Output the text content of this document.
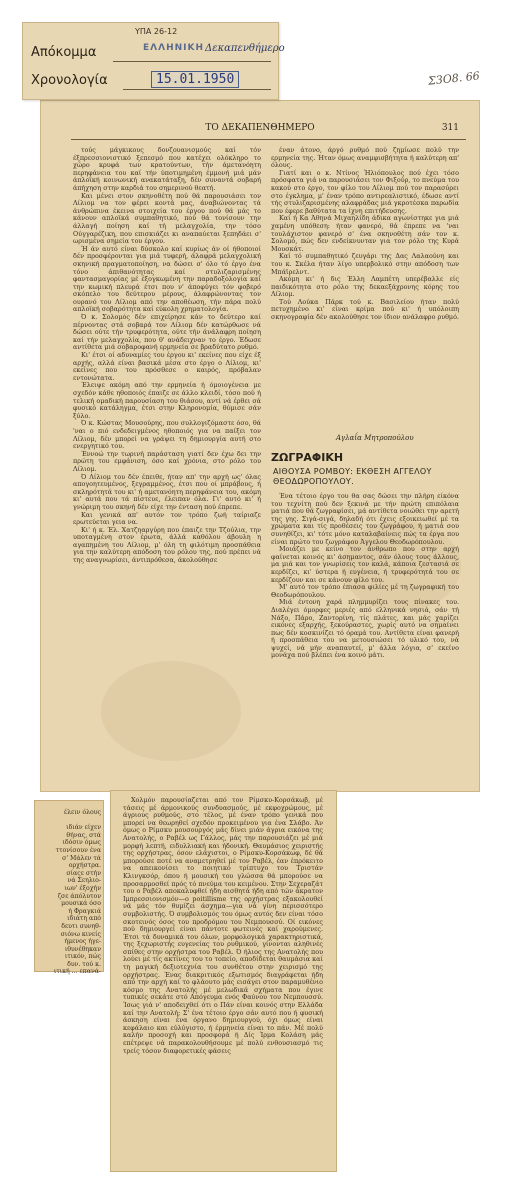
ΤΟ ΔΕΚΑΠΕΝΘΗΜΕΡΟ	311

τούς μάγκικους δονζουανισμούς καί τόν έξπρεσσιονιστικό ξεπεσμό που κατέχει ολόκληρο το χώρο κρυφά των κρατούντων, τήν άμετανόητη περηφάνεια του καί τήν ύποτιμημένη έμμονή μιά μάν άπλοϊκή κοινωνική ανακατάταξη, δέν συναντά σοβαρή άπήχηση στην καρδιά του σημερινού θεατή.

Και μένει στον σκηνοθέτη πού θά παρουσιάσει τον Λίλιομ να τον φέρει κοντά μας, άναβιώνοντας τά άνθρώπινα έκεινα στοιχεία του έργου πού θά μάς το κάνουν απλοϊκά συμπαθητικό, πού θά τονίσουν την άλλαγή ποίηση καί τή μελαγχολία, την τόσο Ούγγαρέζικη, που επισκιάζει κι αναπαύεται ξεπηδάει σ' ωρισμένα σημεία του έργου.

Ή άν αυτό είναι δύσκολο καί κυρίως άν οί ήθοποιοί δέν προσφέρονται για μιά τυφερή, άλαφρά μελαγχολική σκηνική πραγματοποίηση, να δώσει σ' όλο τό έργο ένα τόνο άπιθανότητας καί στυλιζαρισμένης φαντασμαγορίας μέ έξογκωμένη την παραδοξολογία καί την κωμική πλευρά έτσι που ν' άποφύγει τόν φοβερό σκόπελο του δεύτερου μέρους, άλαφρώνοντας τον ουρανό του Λίλιομ από την αποθέωση, τήν πάρα πολύ απλοϊκή σοβαρότητα καί εύκολη χρηματολογία.

Ό κ. Σολομός δέν επιχείρησε κάν το δεύτερο καί πέρνοντας στά σοβαρά τον Λίλιομ δέν κατώρθωσε νά δώσει ούτε τήν τρυφερότητα, ούτε τήν άνάλαφρη ποίηση καί τήν μελαγχολία, που θ' ανάδειχναν το έργο. Έδωσε αντίθετα μιά σοβαροφανή ερμηνεία σε βραδύτατο ρυθμό.

Κι' έτσι οί αδυναμίες του έργου κι' εκείνες που είχε έξ αρχής, αλλά είναι βασικά μέσα στο έργο ο Λίλιομ, κι' εκείνες που του πρόσθεσε ο καιρός, πρόβαλαν εντονώτατα.

Έλειψε ακόμη από την ερμηνεία ή όμοιογένεια με σχεδόν κάθε ηθοποιός έπαιζε σε άλλο κλειδί, τόσο πού ή τελική ομαδική παρουσίαση του θιάσου, αντί νά έρθει σά φυσικό κατάληγμα, έτσι στην Κληρονομία, θύμισε σάν ξύλο.

Ό κ. Κώστας Μουσούρης, που συλλογιζόμαστε όσο, θά 'ναι ο πιό ενδεδειγμένος ηθοποιός για να παίξει τον Λίλιομ, δέν μπορεί να γράψει τη δημιουργία αυτή στο ενεργητικό του.

Έννοώ την τωρινή παράσταση γιατί δεν έχω δει την πρώτη του εμφάνιση, όσο καί χρόνια, στο ρόλο του Λίλιομ.

Ό Λίλιομ του δέν έπειθε, ήταν απ' την αρχή ως' όλας απογοητευμένος, ξεγραμμένος, έτσι που οί μπράβους, ή σκληρότητά του κι' ή αμετανόητη περηφάνεια του, ακόμη κι' αυτά που τά πίστευε, έλειπαν όλα. Γι' αυτό κι' ή γνώριμη του σκηνή δέν είχε την ένταση πού έπρεπε.

Και γενικά απ' αυτόν τον τρόπο ζωή ταίριαζε ερωτεύεται γεια να.

Κι' ή κ. Έλ. Χατζηαργύρη που έπαιζε την Τζούλια, την υποταγμένη στον έρωτα, άλλά καθόλου άβουλη η αγαπημένη του Λίλιομ, μ' όλη τη φιλότιμη προσπάθεια για την καλύτερη απόδοση του ρόλου της, πού πρέπει νά της αναγνωρίσει, άντιπρόθεσα, άκολούθησε

έναν άτονο, άργό ρυθμό πού ζημίωσε πολύ την ερμηνεία της. Ήταν όμως αναμφισβήτητα ή καλύτερη απ' όλους.

Γιατί και ο κ. Ντίνος Ήλιόπουλος πού έχει τόσο πρόσφατα γιά να παρουσιάσει τον Φιξούρ, το πνεύμα του κακού στο έργο, τον φίλο του Λίλιομ πού τον παρασύρει στο έγκλημα, μ' έναν τρόπο αντιρεαλιστικό, έδωσε αντί τής στυλιζαρισμένης αλαφράδας μιά γκροτέσκα παρωδία που έφερε βαθύτατα τα ίχνη επιτήδευσης.

Καί ή Κα Άθηνά Μιχαηλίδη άδικα αγωνίστηκε για μιά χαμένη υπόθεση: ήταν φανερό, θά έπρεπε να 'ναι τουλάχιστον φανερό σ' ένα σκηνοθέτη σάν τον κ. Σολομό, πώς δεν ενδείκνυνταν για τον ρόλο της Κυρά Μουσκάτ.

Καί τό συμπαθητικό ζευγάρι της Δας Λαλαούνη και του κ. Σκέλα ήταν λίγο υπερβολικό στην απόδοση των Μπάϊρελντ.

Ακόμη κι' ή δις Έλλη Λαμπέτη υπερέβαλλε είς παιδικότητα στο ρόλο της δεκαεξάχρονης κόρης του Λίλιομ.

Τού Λούκα Πάρκ τού κ. Βασιλείου ήταν πολύ πετυχημένο κι' είναι κρίμα πού κι' ή υπόλοιπη σκηνογραφία δέν ακολούθησε τον ίδιον ανάλαφρο ρυθμό.

Αγλαΐα Μητροπούλου
ΖΩΓΡΑΦΙΚΗ
ΑΙΘΟΥΣΑ ΡΟΜΒΟΥ: ΕΚΘΕΣΗ ΑΓΓΕΛΟΥ ΘΕΟΔΩΡΟΠΟΥΛΟΥ.

Ένα τέτοιο έργο του θα σας δώσει την πλήρη είκόνα του τεχνίτη πού δεν ξεκινά με τήν πρώτη επιπόλαια ματιά που θά ζωγραφίσει, μά αντίθετα νοιώθει την αρετή της γης. Σιγά-σιγά, δηλαδή ότι έχεις εξοικειωθεί μέ τα χρώματα και τίς προθέσεις του ζωγράφου, ή ματιά σου συνηθίζει, κι' τότε μόνο καταλαβαίνεις πώς τα έργα που είναι πρώτο του ζωγράφου Άγγελου Θεοδωρόπουλου.

Μοιάζει με κείνο τον άνθρωπο που στην αρχή φαίνεται κοινός κι' άσημαντος, σάν όλους τους άλλους, μα μιά και τον γνωρίσεις τον καλά, κάποια ζεστασιά σε κερδίζει, κι' ύστερα ή ευγένεια, ή τρυφερότητά του σε κερδίζουν και σε κάνουν φίλο του.

Μ' αυτό τον τρόπο έπιασα φιλίες μέ τη ζωγραφική του Θεοδωρόπουλου.

Μιά έντονη χαρά πλημμυρίζει τους πίνακες του. Διαλέγει όμορφες μεριές από ελληνικά νησιά, σάν τή Νάξο, Πάρο, Ζαντορίνη, τίς πλάτες, και μάς χαρίζει εικόνες εξαρχής, ξεκούραστες, χωρίς αυτό να σημαίνει πως δέν κοσκινίζει τό όραμά του. Αντίθετα είναι φανερή ή προσπάθεια του να μετουσιώσει τό υλικό του, νά ψυχεί, νά μήν αναπαυτεί, μ' άλλα λόγια, σ' εκείνο μονάχα πού βλέπει ένα κοινό μάτι.

ΥΠΑ 26-12
ΕΛΛΗΝΙΚΗ Δεκαπενθήμερο
Απόκομμα
Χρονολογία	15.01.1950	Σ3Ο8. 66
έλειν όλους

ιδιάν είχεν
θήνας, στά
ιδόσιν όμως
ττονίσουν ένα
σ' Μάλεν τά
ορχήστρα.
σίαςε στήν
νά Σεηλιο-
ιων' έξοχήν
ζσε άπόλυτον
μουσικά όσο
ή Φραγκιά
ιδιάτη από
δευτι συνηθ-
σιόνω κινείς
ήμενος ήγε-
ιθυνέθηκαν
ιτικόν, πώς
δυν. τού κ.
ιτική ... επανά-

Χολμόν παρουσίαζεται από τον Ρίμσκυ-Κορσάκωβ, μέ τάσεις μέ άρμονικούς συνδυασμούς, μέ εκφοχρώμους, μέ άγριους ρυθμούς, στο τέλος, μέ έναν τρόπο γενικά που μπορεί να θεωρηθεί σχεδόν προκειμένου για ένα Σλάβο. Άν όμως ο Ρίμσκυ μουσουργός μάς δίνει μιάν άγρια εικόνα της Ανατολής, ο Ραβέλ ως Γάλλος, μάς την παρουσιάζει μέ μιά μορφή λεπτή, ειδυλλιακή και ήδονική. Θαυμάσιος χειριστής της ορχήστρας, όσον ελάχιστοι, ο Ρίμσκυ-Κορσάκωφ, δέ θά μπορούσε ποτέ να αναμετρηθεί μέ τον Ραβέλ, έαν έπρόκειτο να απεικονίσει το ποιητικό τρίπτυχο του Τριστάν Κλινγκσόρ, όπου ή μουσική του γλώσσα θά μπορούσε να προσαρμοσθεί πρός τό πνεύμα του κειμένου. Στην Σεχεραζάτ του ο Ραβέλ αποκαλυφθεί ήδη αισθητά ήδη από τών άκρατον Ιμπρεσσιονισμόν—ο poitillisme της ορχήστρας εξακολουθεί νά μάς τόν θυμίζει άσχημα—για νά γίνη περισσότερο συμβολιστής. Ό συμβολισμός του όμως αυτός δεν είναι τόσο σκοτεινός όσος του προδρόμου του Νεμπουσσύ. Οί εικόνες πού δημιουργεί είναι πάντοτε φωτεινές καί χαρούμενες. Έτσι τά δυναμικά του όλων, μορφολογικά χαρακτηριστικά, της ξεχωριστής ευγενείας του ρυθμικού, γίνονται αληθινές σπίθες στην ορχήστρα του Ραβέλ. Ό ήλιος της Ανατολής που λούει μέ τίς ακτίνες του το τοπείο, αποδίδεται θαυμάσια καί τη μαγική δεξιοτεχνία του συνθέτου στην χειρισμό της ορχήστρας. Ένας διακριτικός εξωτισμός διαγράφεται ήδη από την αρχή καί το φλάουτο μάς εισάγει στον παραμυθένιο κόσμο της Ανατολής μέ μελωδικά σχήματα που έγινε τυπικές σεκάτε στό Απόγευμα ενός Φαύνου του Νεμπουσσύ. Ίσως γιά ν' αποδειχθεί ότι ο Πάν είναι κοινός στην Ελλάδα καί την Ανατολή; Σ' ένα τέτοιο έργο σάν αυτό που ή φυσική άσκηση είναι ένα όργανο δημιουργού, όχι όμως είναι κεφάλαιο και εύλύγιστο, ή έρμηνεία είναι το πάν. Μέ πολύ καλήν προσοχή και προσφορά ή Δίς Ίρμα Κολάση μάς επέτρεψε νά παρακολουθήσουμε μέ πολύ ενθουσιασμό τις τρείς τόσον διαφορετικές φάσεις
